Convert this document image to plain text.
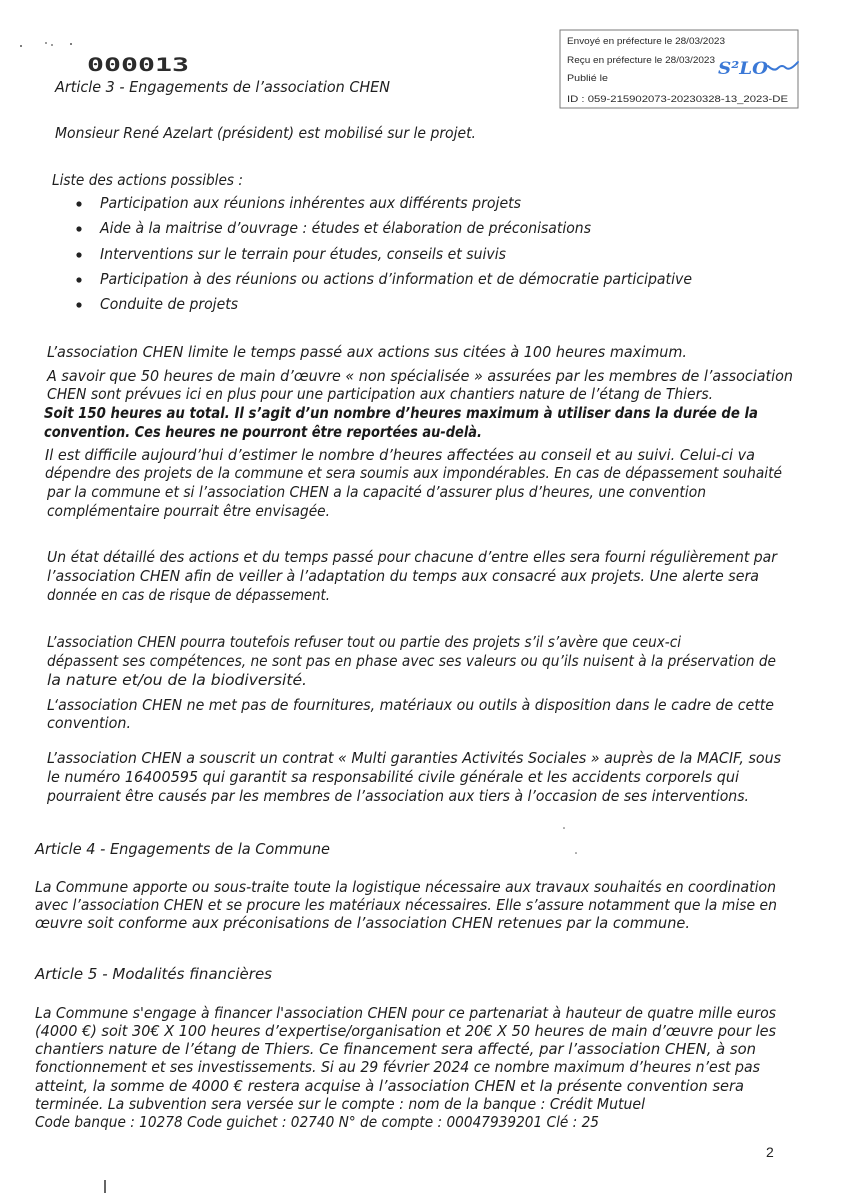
000013
Envoyé en préfecture le 28/03/2023
Reçu en préfecture le 28/03/2023
Publié le
ID : 059-215902073-20230328-13_2023-DE
S²LO
Article 3 - Engagements de l’association CHEN
Monsieur René Azelart (président) est mobilisé sur le projet.
Liste des actions possibles :
Participation aux réunions inhérentes aux différents projets
Aide à la maitrise d’ouvrage : études et élaboration de préconisations
Interventions sur le terrain pour études, conseils et suivis
Participation à des réunions ou actions d’information et de démocratie participative
Conduite de projets
L’association CHEN limite le temps passé aux actions sus citées à 100 heures maximum.
A savoir que 50 heures de main d’œuvre « non spécialisée » assurées par les membres de l’association
CHEN sont prévues ici en plus pour une participation aux chantiers nature de l’étang de Thiers.
Soit 150 heures au total. Il s’agit d’un nombre d’heures maximum à utiliser dans la durée de la
convention. Ces heures ne pourront être reportées au-delà.
Il est difficile aujourd’hui d’estimer le nombre d’heures affectées au conseil et au suivi. Celui-ci va
dépendre des projets de la commune et sera soumis aux impondérables. En cas de dépassement souhaité
par la commune et si l’association CHEN a la capacité d’assurer plus d’heures, une convention
complémentaire pourrait être envisagée.
Un état détaillé des actions et du temps passé pour chacune d’entre elles sera fourni régulièrement par
l’association CHEN afin de veiller à l’adaptation du temps aux consacré aux projets. Une alerte sera
donnée en cas de risque de dépassement.
L’association CHEN pourra toutefois refuser tout ou partie des projets s’il s’avère que ceux-ci
dépassent ses compétences, ne sont pas en phase avec ses valeurs ou qu’ils nuisent à la préservation de
la nature et/ou de la biodiversité.
L‘association CHEN ne met pas de fournitures, matériaux ou outils à disposition dans le cadre de cette
convention.
L’association CHEN a souscrit un contrat « Multi garanties Activités Sociales » auprès de la MACIF, sous
le numéro 16400595 qui garantit sa responsabilité civile générale et les accidents corporels qui
pourraient être causés par les membres de l’association aux tiers à l’occasion de ses interventions.
Article 4 - Engagements de la Commune
La Commune apporte ou sous-traite toute la logistique nécessaire aux travaux souhaités en coordination
avec l’association CHEN et se procure les matériaux nécessaires. Elle s’assure notamment que la mise en
œuvre soit conforme aux préconisations de l’association CHEN retenues par la commune.
Article 5 - Modalités financières
La Commune s'engage à financer l'association CHEN pour ce partenariat à hauteur de quatre mille euros
(4000 €) soit 30€ X 100 heures d’expertise/organisation et 20€ X 50 heures de main d’œuvre pour les
chantiers nature de l’étang de Thiers. Ce financement sera affecté, par l’association CHEN, à son
fonctionnement et ses investissements. Si au 29 février 2024 ce nombre maximum d’heures n’est pas
atteint, la somme de 4000 € restera acquise à l’association CHEN et la présente convention sera
terminée. La subvention sera versée sur le compte : nom de la banque : Crédit Mutuel
Code banque : 10278 Code guichet : 02740 N° de compte : 00047939201 Clé : 25
2
